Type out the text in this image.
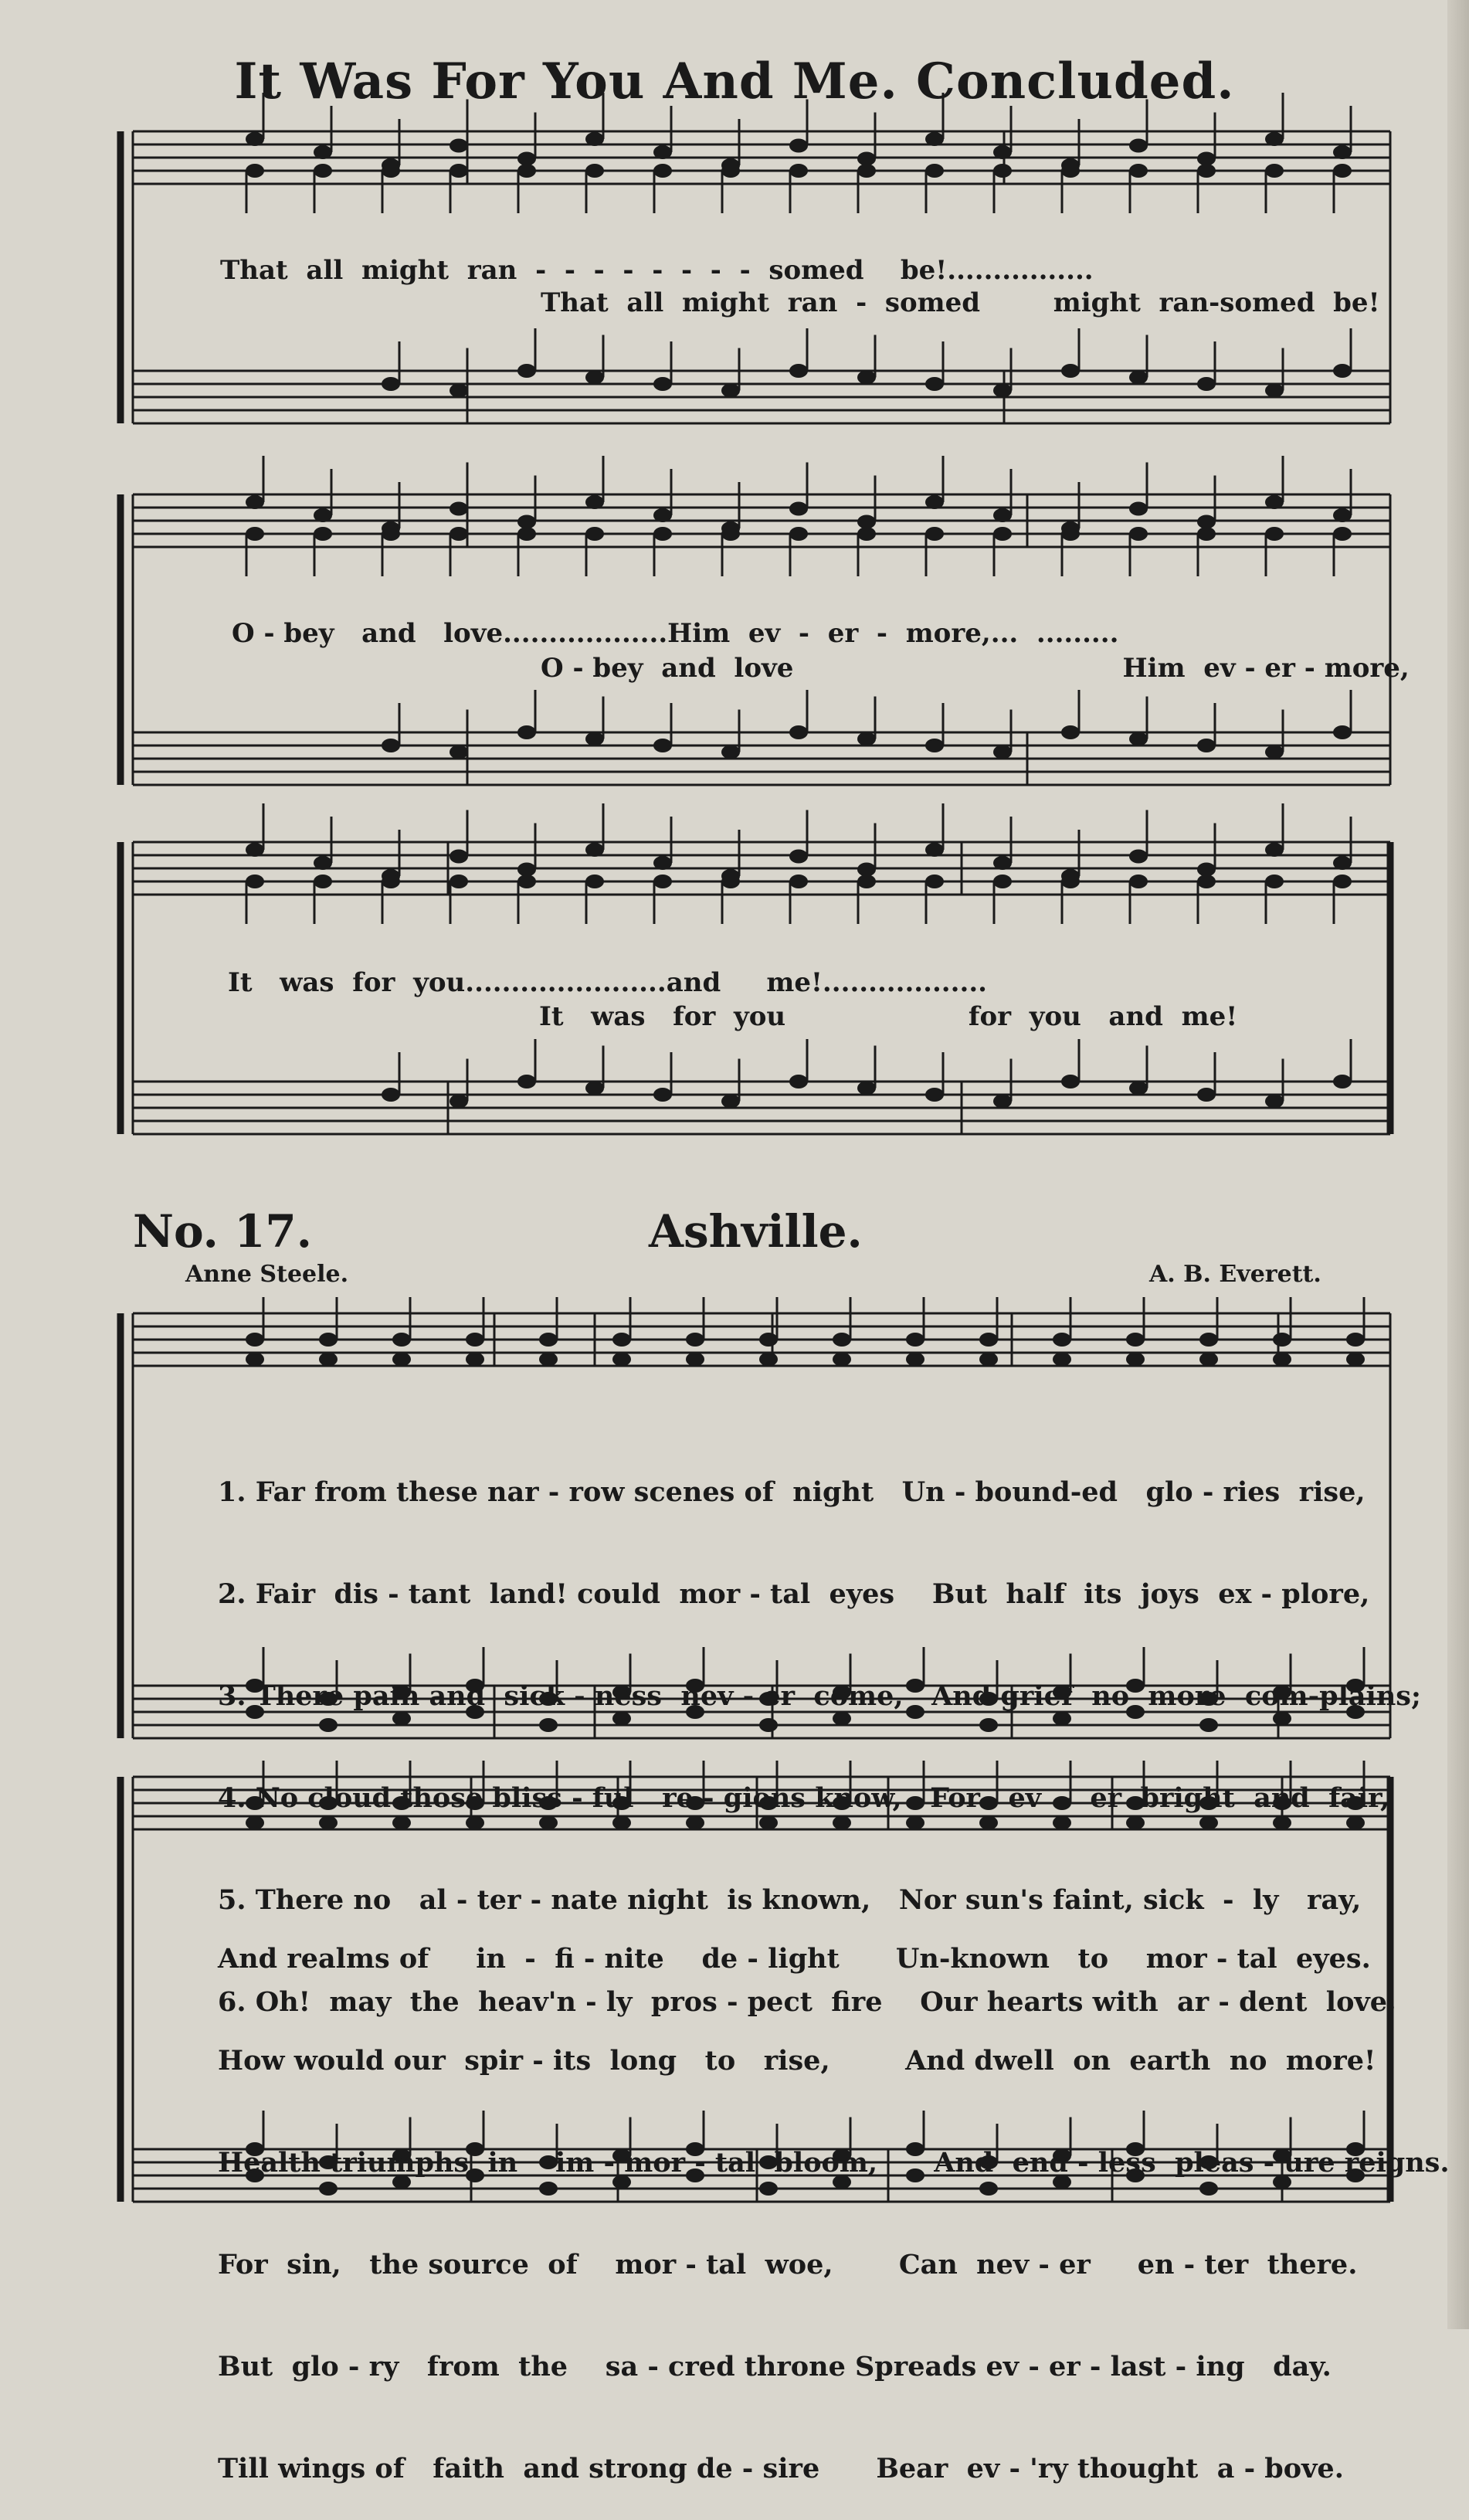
It Was For You And Me. Concluded.
That  all  might  ran  -  -  -  -  -  -  -  -  somed    be!................
That  all  might  ran  -  somed        might  ran-somed  be!
O - bey   and   love..................Him  ev  -  er  -  more,...  .........
O - bey  and  love                                    Him  ev - er - more,
It   was  for  you......................and     me!..................
It   was   for  you                    for  you   and  me!
No. 17.	Ashville.
Anne Steele.	A. B. Everett.

1. Far from these nar - row scenes of  night   Un - bound-ed   glo - ries  rise,

2. Fair  dis - tant  land! could  mor - tal  eyes    But  half  its  joys  ex - plore,

3. There pain and  sick - ness  nev - er  come,   And grief  no  more  com-plains;

4. No cloud those bliss - ful   re - gions know,   For   ev  -  er  bright  and  fair,

5. There no   al - ter - nate night  is known,   Nor sun's faint, sick  -  ly   ray,

6. Oh!  may  the  heav'n - ly  pros - pect  fire    Our hearts with  ar - dent  love,

And realms of     in  -  fi - nite    de - light      Un-known   to    mor - tal  eyes.

How would our  spir - its  long   to   rise,        And dwell  on  earth  no  more!

Health triumphs  in    im - mor - tal  bloom,      And  end - less  pleas - ure reigns.

For  sin,   the source  of    mor - tal  woe,       Can  nev - er     en - ter  there.

But  glo - ry   from  the    sa - cred throne Spreads ev - er - last - ing   day.

Till wings of   faith  and strong de - sire      Bear  ev - 'ry thought  a - bove.
